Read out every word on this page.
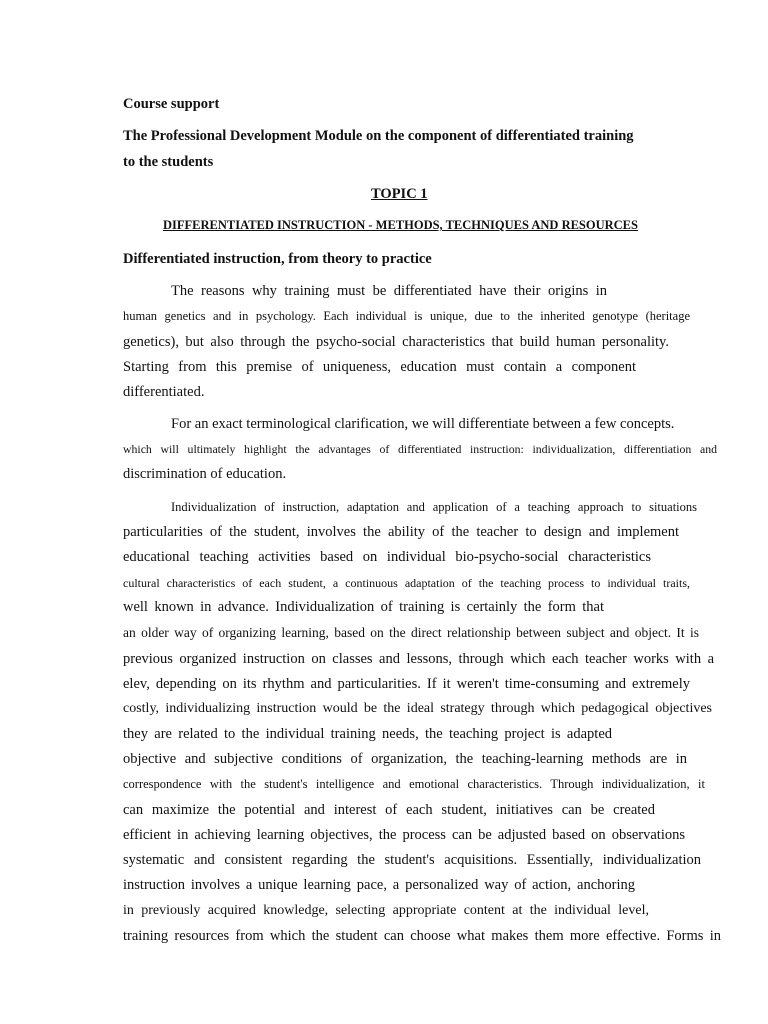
Course support
The Professional Development Module on the component of differentiated training
to the students
TOPIC 1
DIFFERENTIATED INSTRUCTION - METHODS, TECHNIQUES AND RESOURCES
Differentiated instruction, from theory to practice
The reasons why training must be differentiated have their origins in
human genetics and in psychology. Each individual is unique, due to the inherited genotype (heritage
genetics), but also through the psycho-social characteristics that build human personality.
Starting from this premise of uniqueness, education must contain a component
differentiated.
For an exact terminological clarification, we will differentiate between a few concepts.
which will ultimately highlight the advantages of differentiated instruction: individualization, differentiation and
discrimination of education.
Individualization of instruction, adaptation and application of a teaching approach to situations
particularities of the student, involves the ability of the teacher to design and implement
educational teaching activities based on individual bio-psycho-social characteristics
cultural characteristics of each student, a continuous adaptation of the teaching process to individual traits,
well known in advance. Individualization of training is certainly the form that
an older way of organizing learning, based on the direct relationship between subject and object. It is
previous organized instruction on classes and lessons, through which each teacher works with a
elev, depending on its rhythm and particularities. If it weren't time-consuming and extremely
costly, individualizing instruction would be the ideal strategy through which pedagogical objectives
they are related to the individual training needs, the teaching project is adapted
objective and subjective conditions of organization, the teaching-learning methods are in
correspondence with the student's intelligence and emotional characteristics. Through individualization, it
can maximize the potential and interest of each student, initiatives can be created
efficient in achieving learning objectives, the process can be adjusted based on observations
systematic and consistent regarding the student's acquisitions. Essentially, individualization
instruction involves a unique learning pace, a personalized way of action, anchoring
in previously acquired knowledge, selecting appropriate content at the individual level,
training resources from which the student can choose what makes them more effective. Forms in
